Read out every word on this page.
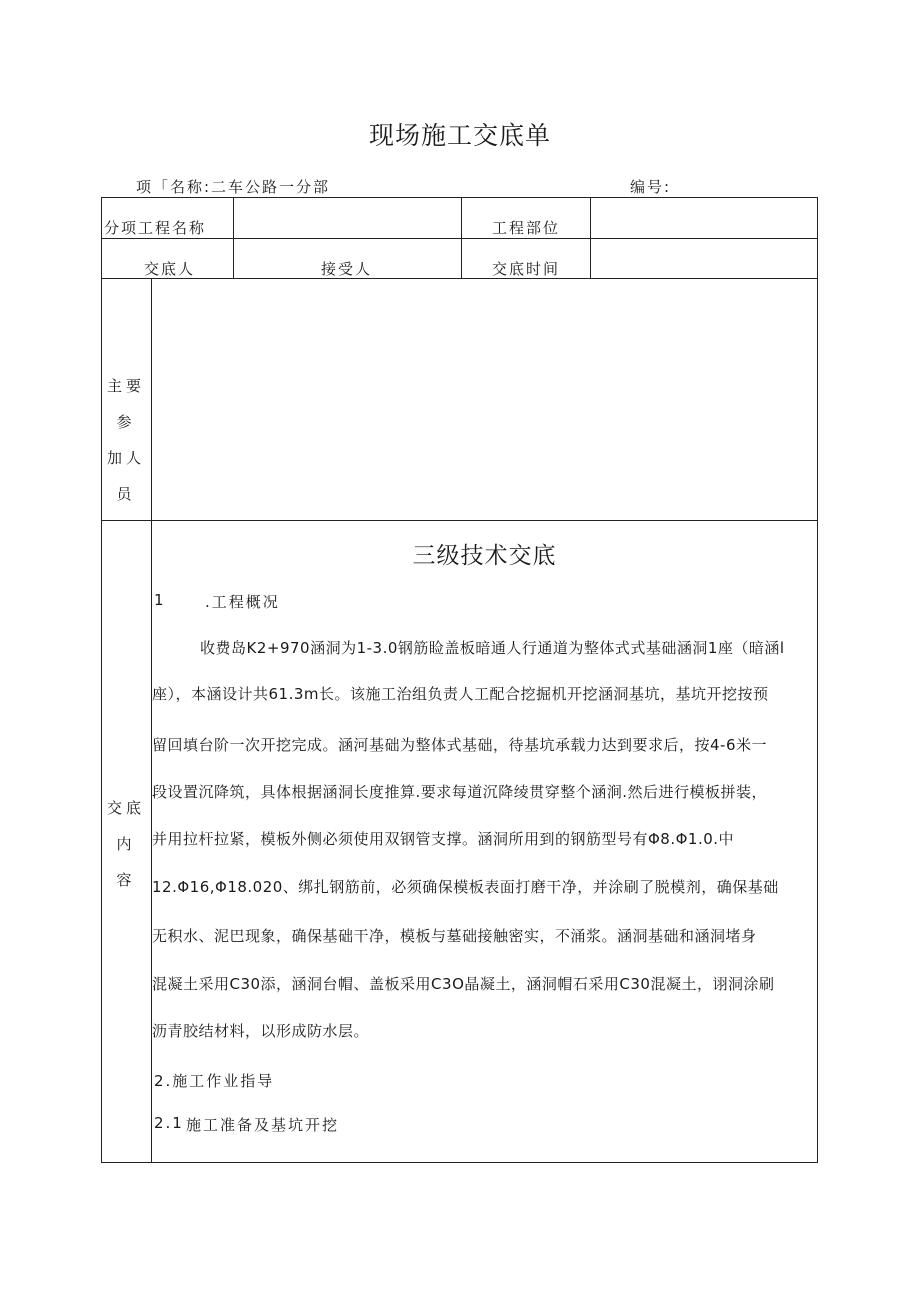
现场施工交底单
项「名称:二车公路一分部	编号:
分项工程名称	工程部位
交底人	接受人	交底时间
主要
参
加人
员
交底
内
容
三级技术交底
1	.工程概况
收费岛K2+970涵洞为1-3.0钢筋睑盖板暗通人行通道为整体式式基础涵洞1座（暗涵l
座），本涵设计共61.3m长。该施工治组负责人工配合挖掘机开挖涵洞基坑，基坑开挖按预
留回填台阶一次开挖完成。涵河基础为整体式基础，待基坑承载力达到要求后，按4-6米一
段设置沉降筑，具体根据涵洞长度推算.要求每道沉降绫贯穿整个涵涧.然后进行模板拼装，
并用拉杆拉紧，模板外侧必须使用双钢管支撑。涵洞所用到的钢筋型号有Φ8.Φ1.0.中
12.Φ16,Φ18.020、绑扎钢筋前，必须确保模板表面打磨干净，并涂刷了脱模剂，确保基础
无积水、泥巴现象，确保基础干净，模板与墓础接触密实，不涌浆。涵洞基础和涵洞堵身
混凝土采用C30添，涵洞台帽、盖板采用C3O晶凝土，涵洞帽石采用C30混凝土，诩洞涂刷
沥青胶结材料，以形成防水层。
2.施工作业指导
2.1 施工准备及基坑开挖
